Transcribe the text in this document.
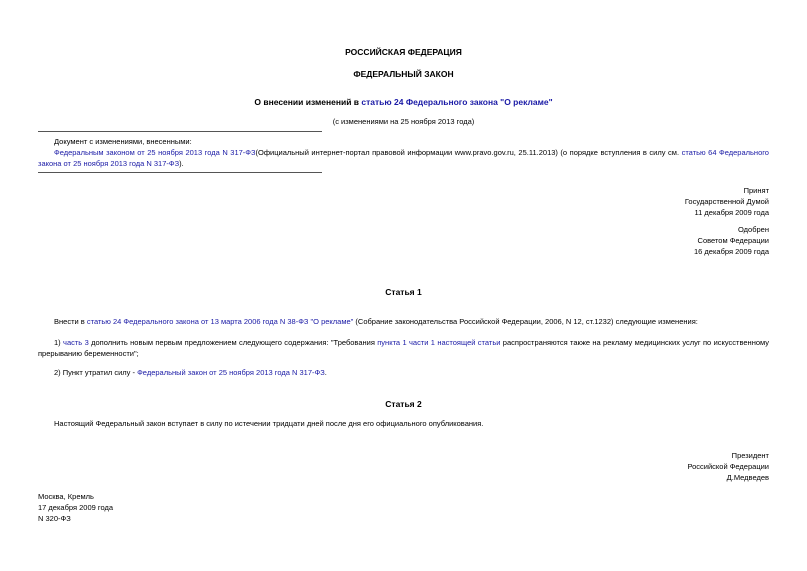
РОССИЙСКАЯ ФЕДЕРАЦИЯ
ФЕДЕРАЛЬНЫЙ ЗАКОН
О внесении изменений в статью 24 Федерального закона "О рекламе"
(с изменениями на 25 ноября 2013 года)
Документ с изменениями, внесенными:
Федеральным законом от 25 ноября 2013 года N 317-ФЗ(Официальный интернет-портал правовой информации www.pravo.gov.ru, 25.11.2013) (о порядке вступления в силу см. статью 64 Федерального закона от 25 ноября 2013 года N 317-ФЗ).
Принят
Государственной Думой
11 декабря 2009 года
Одобрен
Советом Федерации
16 декабря 2009 года
Статья 1
Внести в статью 24 Федерального закона от 13 марта 2006 года N 38-ФЗ "О рекламе" (Собрание законодательства Российской Федерации, 2006, N 12, ст.1232) следующие изменения:
1) часть 3 дополнить новым первым предложением следующего содержания: "Требования пункта 1 части 1 настоящей статьи распространяются также на рекламу медицинских услуг по искусственному прерыванию беременности";
2) Пункт утратил силу - Федеральный закон от 25 ноября 2013 года N 317-ФЗ.
Статья 2
Настоящий Федеральный закон вступает в силу по истечении тридцати дней после дня его официального опубликования.
Президент
Российской Федерации
Д.Медведев
Москва, Кремль
17 декабря 2009 года
N 320-ФЗ
